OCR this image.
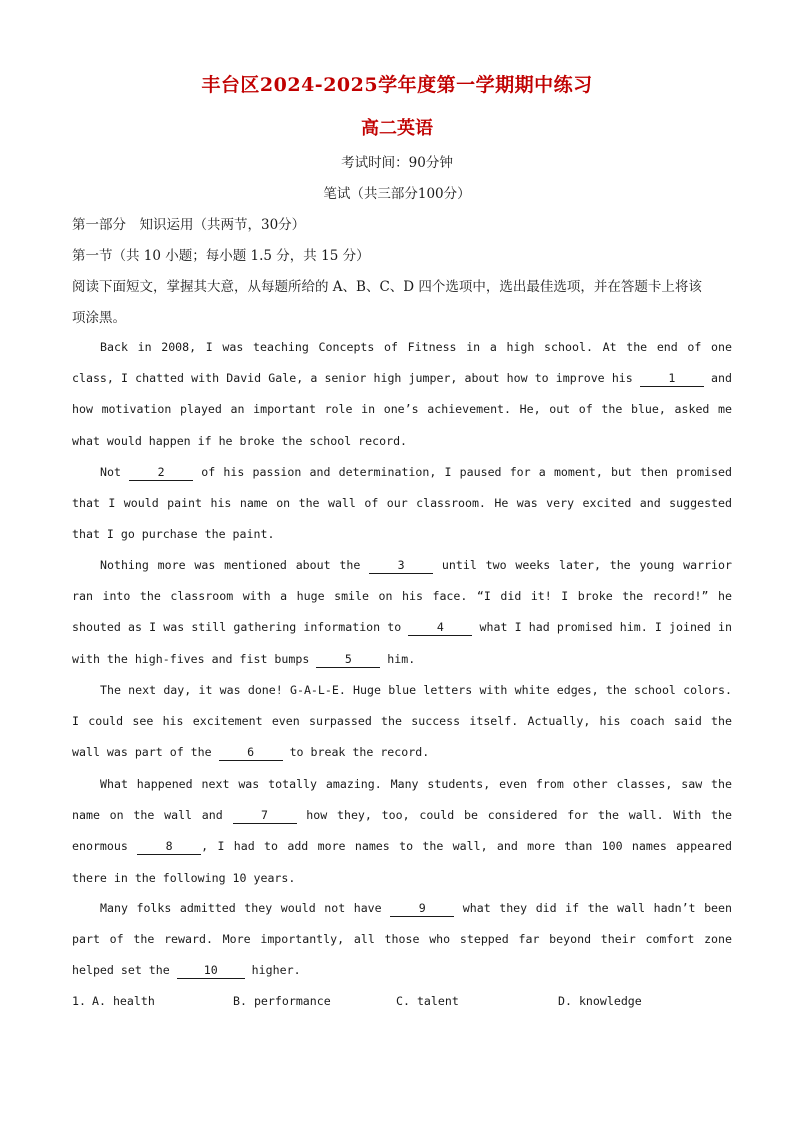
丰台区2024-2025学年度第一学期期中练习
高二英语
考试时间：90分钟
笔试（共三部分100分）
第一部分　知识运用（共两节，30分）
第一节（共 10 小题；每小题 1.5 分，共 15 分）
阅读下面短文，掌握其大意，从每题所给的 A、B、C、D 四个选项中，选出最佳选项，并在答题卡上将该
项涂黑。
Back in 2008, I was teaching Concepts of Fitness in a high school. At the end of one class, I chatted with David Gale, a senior high jumper, about how to improve his 1 and how motivation played an important role in one’s achievement. He, out of the blue, asked me what would happen if he broke the school record.
Not 2 of his passion and determination, I paused for a moment, but then promised that I would paint his name on the wall of our classroom. He was very excited and suggested that I go purchase the paint.
Nothing more was mentioned about the 3 until two weeks later, the young warrior ran into the classroom with a huge smile on his face. “I did it! I broke the record!” he shouted as I was still gathering information to 4 what I had promised him. I joined in with the high-fives and fist bumps 5 him.
The next day, it was done! G-A-L-E. Huge blue letters with white edges, the school colors. I could see his excitement even surpassed the success itself. Actually, his coach said the wall was part of the 6 to break the record.
What happened next was totally amazing. Many students, even from other classes, saw the name on the wall and 7 how they, too, could be considered for the wall. With the enormous 8 , I had to add more names to the wall, and more than 100 names appeared there in the following 10 years.
Many folks admitted they would not have 9 what they did if the wall hadn’t been part of the reward. More importantly, all those who stepped far beyond their comfort zone helped set the 10 higher.
1. A. health	B. performance	C. talent	D. knowledge
